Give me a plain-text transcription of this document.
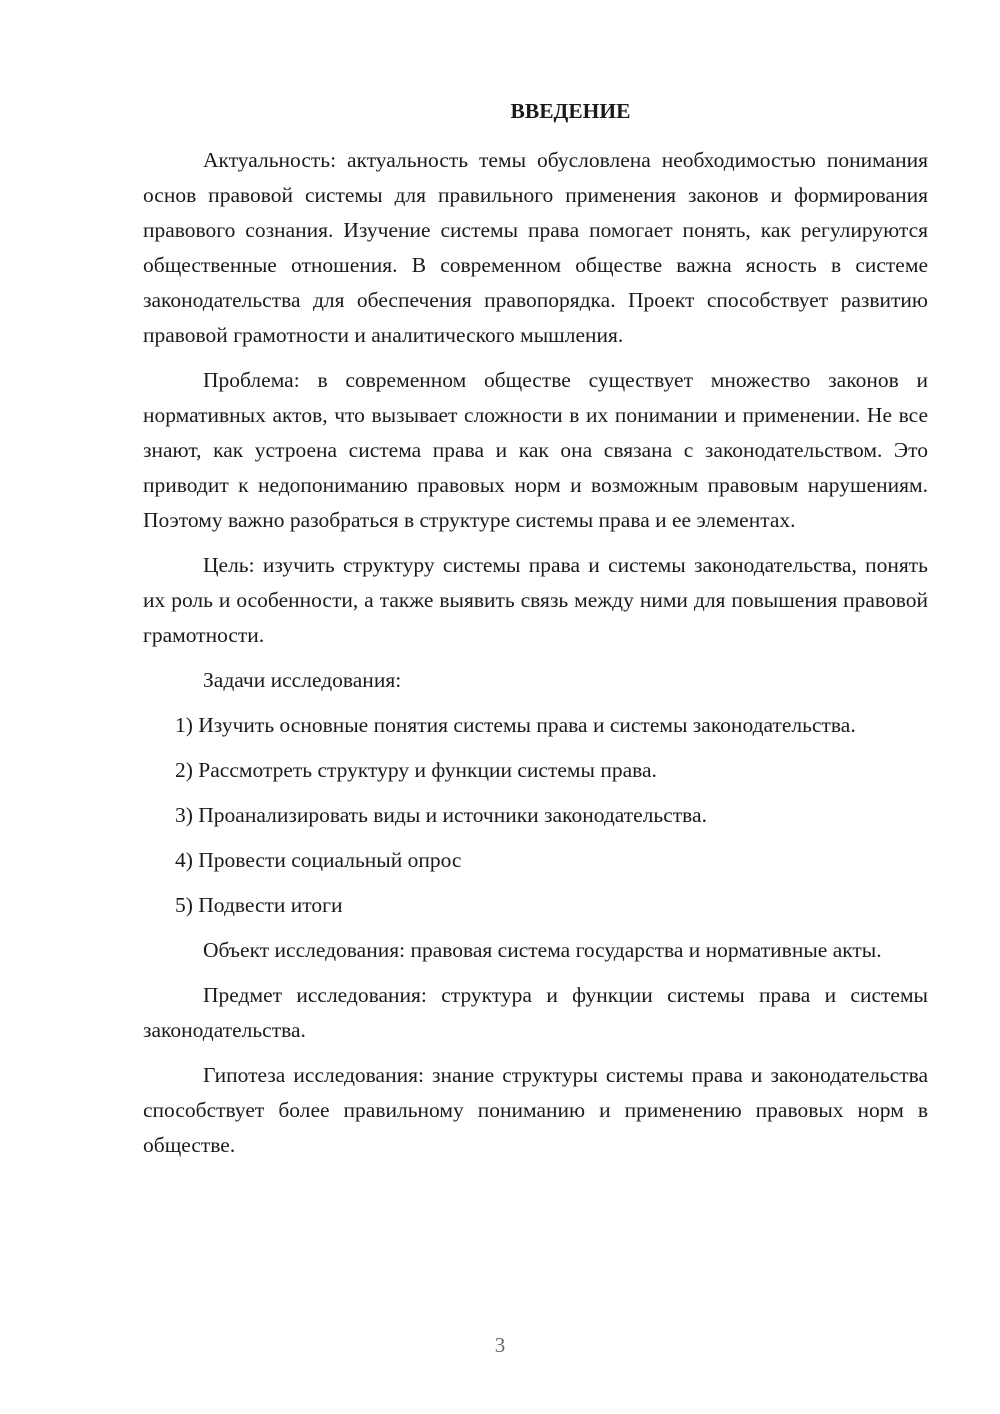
ВВЕДЕНИЕ

Актуальность: актуальность темы обусловлена необходимостью понимания основ правовой системы для правильного применения законов и формирования правового сознания. Изучение системы права помогает понять, как регулируются общественные отношения. В современном обществе важна ясность в системе законодательства для обеспечения правопорядка. Проект способствует развитию правовой грамотности и аналитического мышления.

Проблема: в современном обществе существует множество законов и нормативных актов, что вызывает сложности в их понимании и применении. Не все знают, как устроена система права и как она связана с законодательством. Это приводит к недопониманию правовых норм и возможным правовым нарушениям. Поэтому важно разобраться в структуре системы права и ее элементах.

Цель: изучить структуру системы права и системы законодательства, понять их роль и особенности, а также выявить связь между ними для повышения правовой грамотности.

Задачи исследования:

1) Изучить основные понятия системы права и системы законодательства.

2) Рассмотреть структуру и функции системы права.

3) Проанализировать виды и источники законодательства.

4) Провести социальный опрос

5) Подвести итоги

Объект исследования: правовая система государства и нормативные акты.

Предмет исследования: структура и функции системы права и системы законодательства.

Гипотеза исследования: знание структуры системы права и законодательства способствует более правильному пониманию и применению правовых норм в обществе.

3
